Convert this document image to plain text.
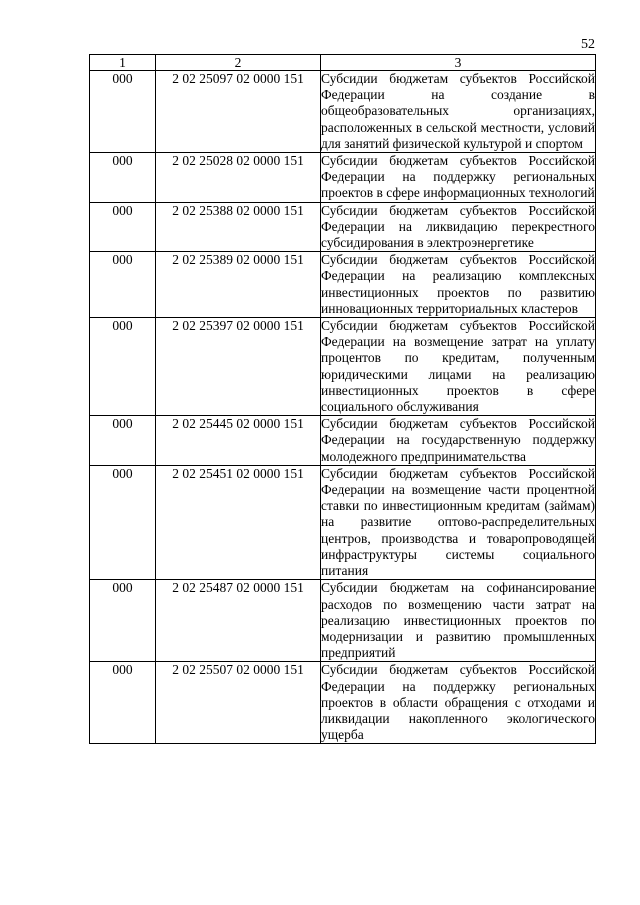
52
1	2	3
000	2 02 25097 02 0000 151	Субсидии бюджетам субъектов Российской Федерации на создание в общеобразовательных организациях, расположенных в сельской местности, условий для занятий физической культурой и спортом
000	2 02 25028 02 0000 151	Субсидии бюджетам субъектов Российской Федерации на поддержку региональных проектов в сфере информационных технологий
000	2 02 25388 02 0000 151	Субсидии бюджетам субъектов Российской Федерации на ликвидацию перекрестного субсидирования в электроэнергетике
000	2 02 25389 02 0000 151	Субсидии бюджетам субъектов Российской Федерации на реализацию комплексных инвестиционных проектов по развитию инновационных территориальных кластеров
000	2 02 25397 02 0000 151	Субсидии бюджетам субъектов Российской Федерации на возмещение затрат на уплату процентов по кредитам, полученным юридическими лицами на реализацию инвестиционных проектов в сфере социального обслуживания
000	2 02 25445 02 0000 151	Субсидии бюджетам субъектов Российской Федерации на государственную поддержку молодежного предпринимательства
000	2 02 25451 02 0000 151	Субсидии бюджетам субъектов Российской Федерации на возмещение части процентной ставки по инвестиционным кредитам (займам) на развитие оптово-распределительных центров, производства и товаропроводящей инфраструктуры системы социального питания
000	2 02 25487 02 0000 151	Субсидии бюджетам на софинансирование расходов по возмещению части затрат на реализацию инвестиционных проектов по модернизации и развитию промышленных предприятий
000	2 02 25507 02 0000 151	Субсидии бюджетам субъектов Российской Федерации на поддержку региональных проектов в области обращения с отходами и ликвидации накопленного экологического ущерба
